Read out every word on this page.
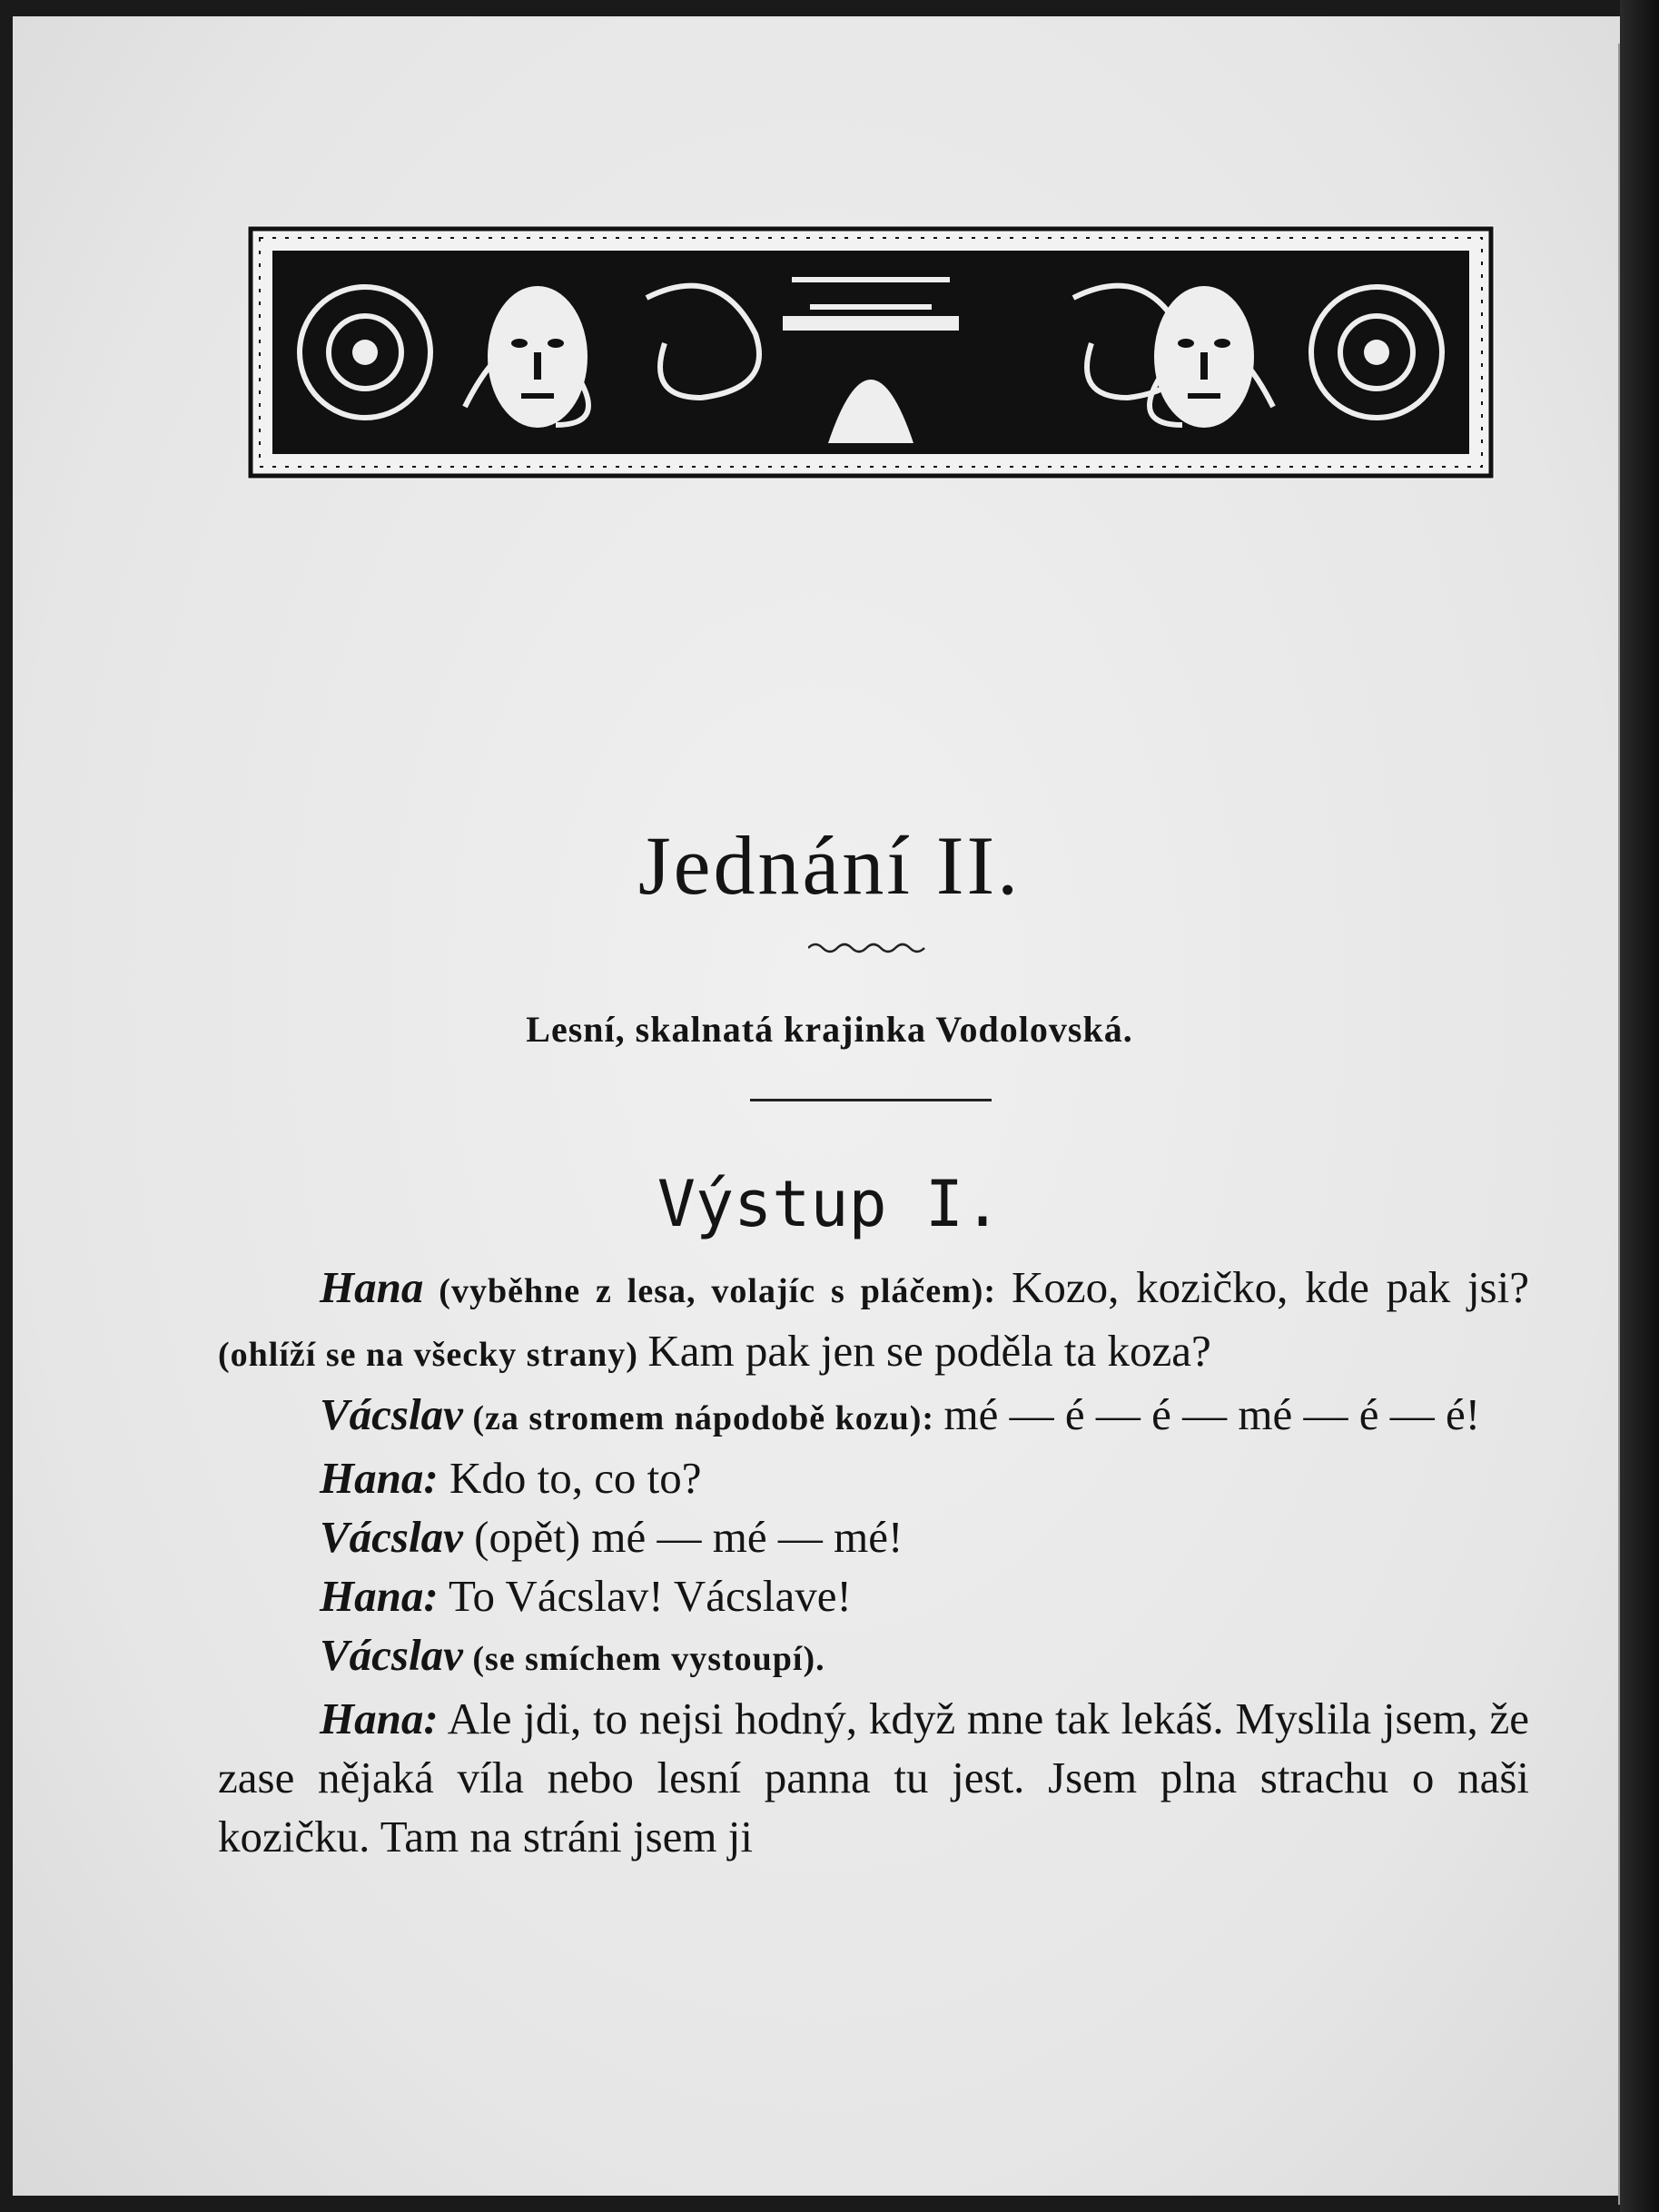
Jednání II.
Lesní, skalnatá krajinka Vodolovská.
Výstup I.

Hana (vyběhne z lesa, volajíc s pláčem): Kozo, kozičko, kde pak jsi? (ohlíží se na všecky strany) Kam pak jen se poděla ta koza?

Vácslav (za stromem nápodobě kozu): mé — é — é — mé — é — é!

Hana: Kdo to, co to?

Vácslav (opět) mé — mé — mé!

Hana: To Vácslav! Vácslave!

Vácslav (se smíchem vystoupí).

Hana: Ale jdi, to nejsi hodný, když mne tak lekáš. Myslila jsem, že zase nějaká víla nebo lesní panna tu jest. Jsem plna strachu o naši kozičku. Tam na stráni jsem ji
